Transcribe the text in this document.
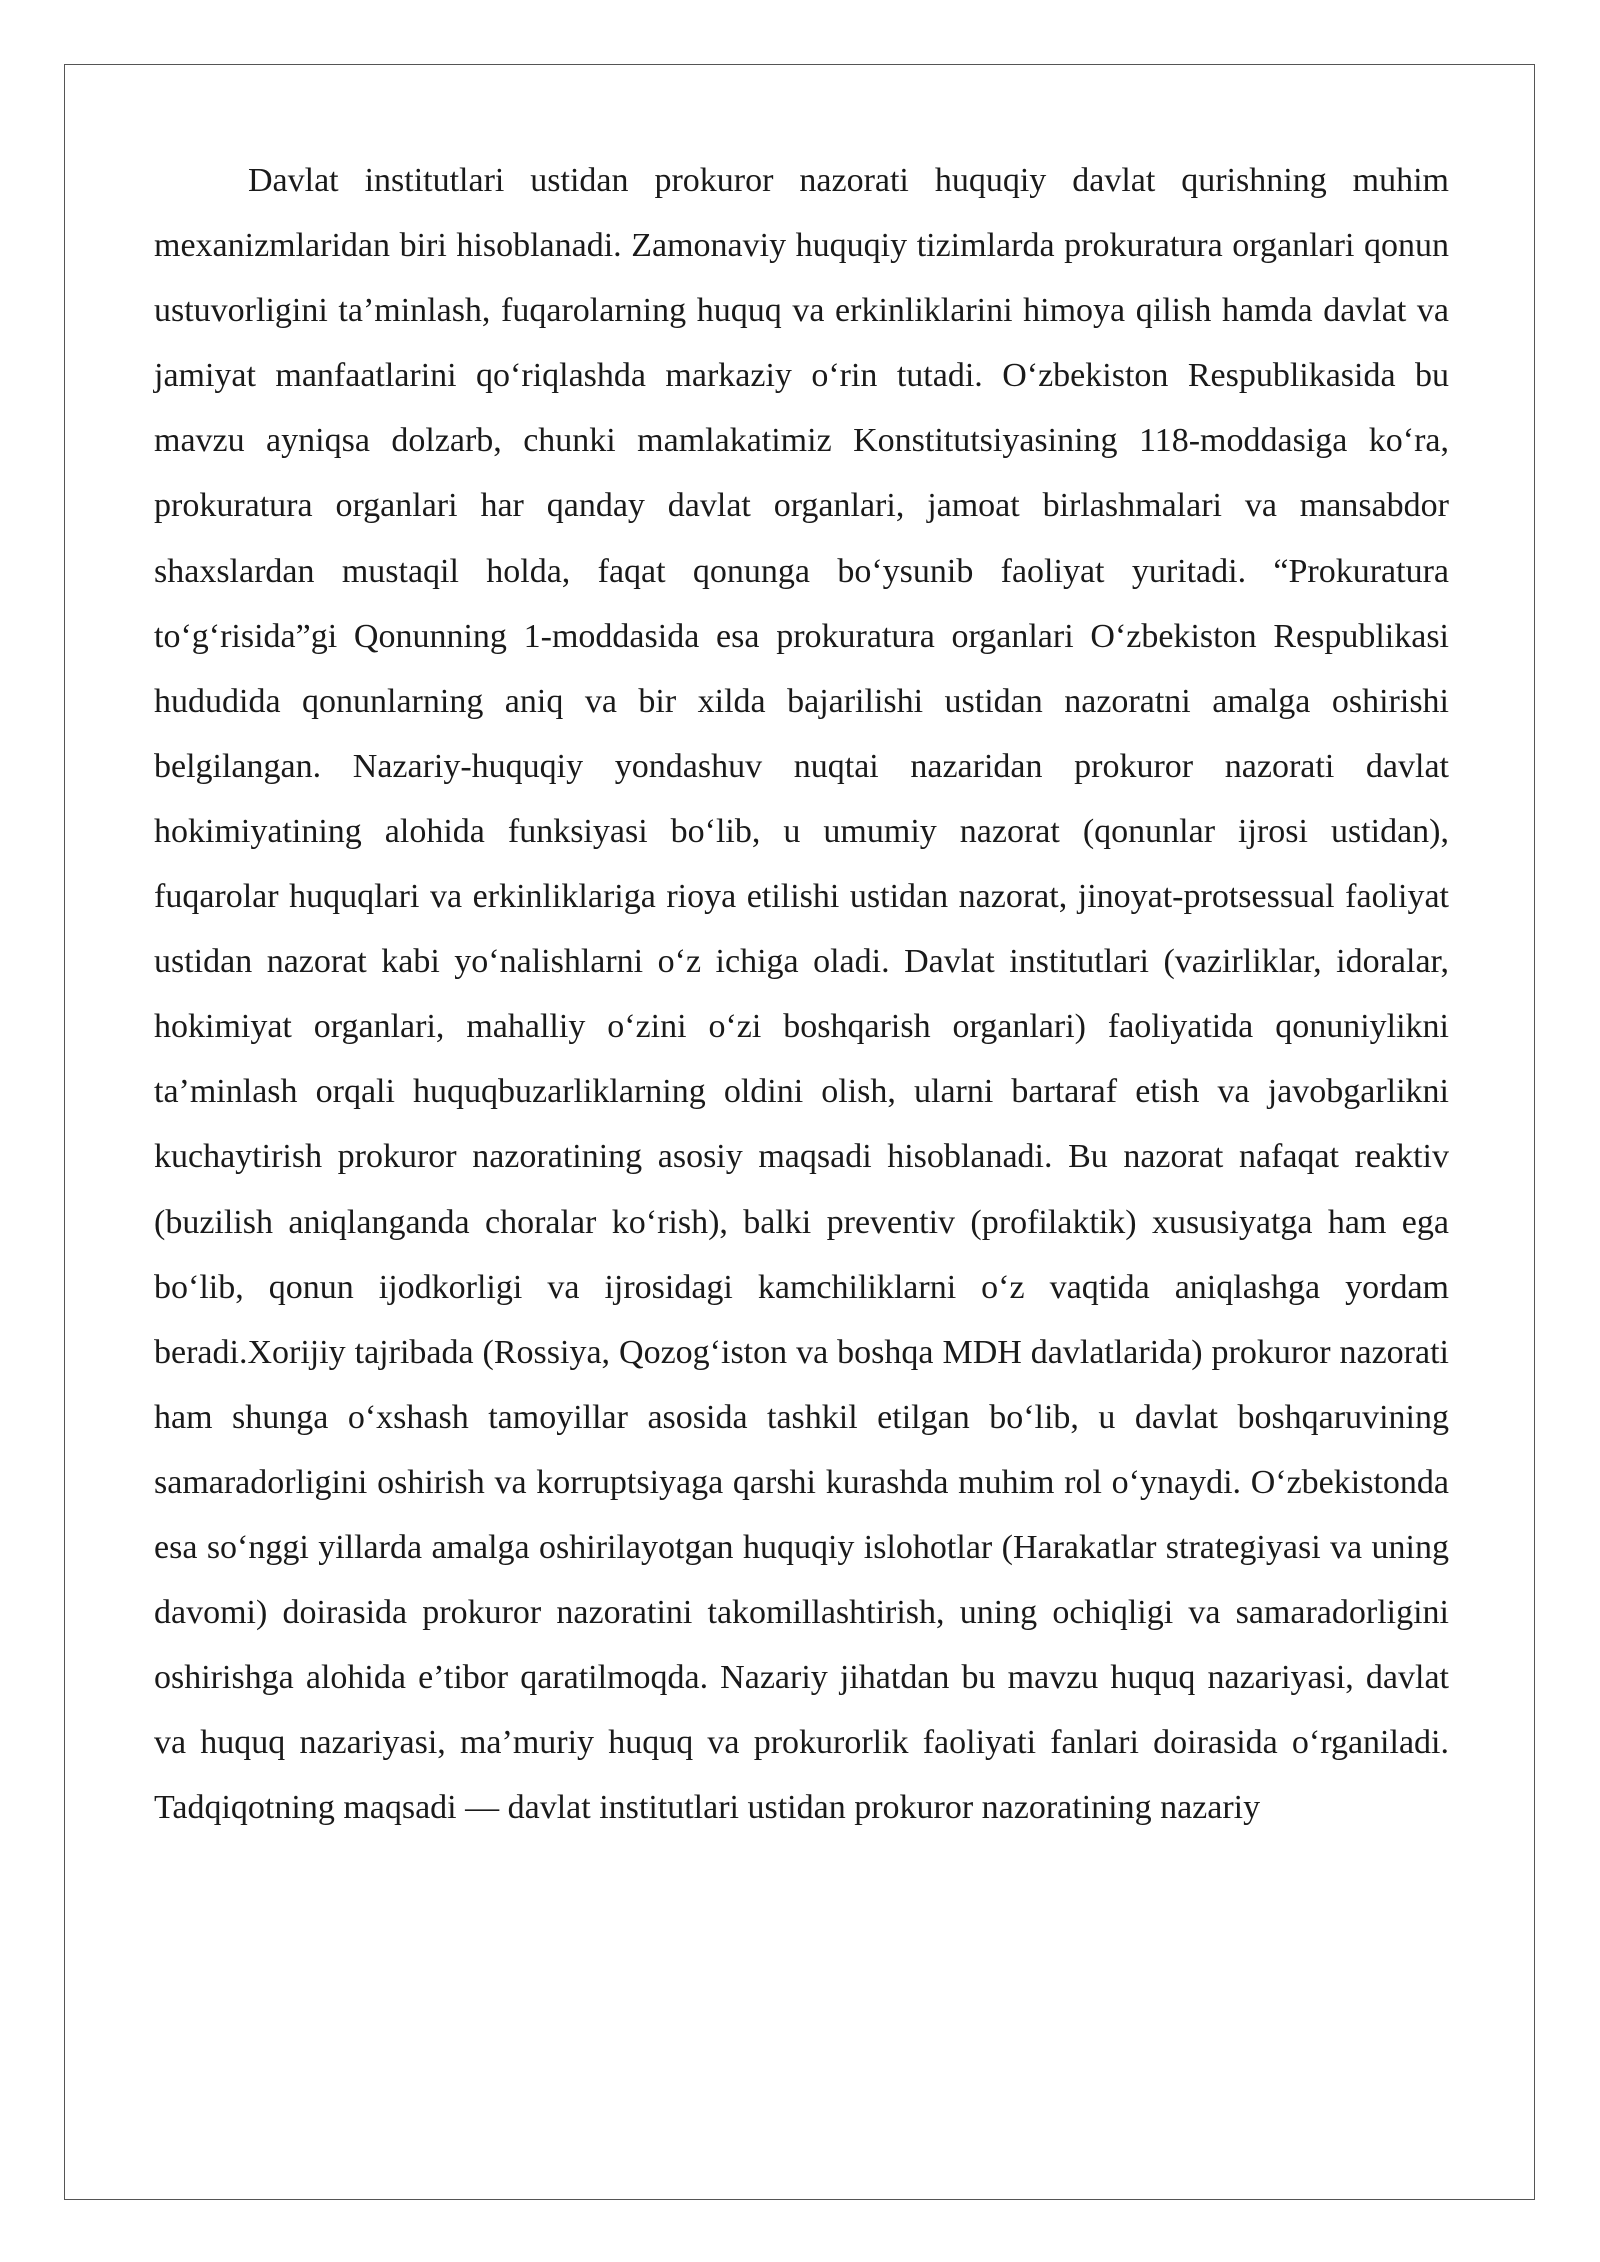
Davlat institutlari ustidan prokuror nazorati huquqiy davlat qurishning muhim mexanizmlaridan biri hisoblanadi. Zamonaviy huquqiy tizimlarda prokuratura organlari qonun ustuvorligini ta’minlash, fuqarolarning huquq va erkinliklarini himoya qilish hamda davlat va jamiyat manfaatlarini qo‘riqlashda markaziy o‘rin tutadi. O‘zbekiston Respublikasida bu mavzu ayniqsa dolzarb, chunki mamlakatimiz Konstitutsiyasining 118-moddasiga ko‘ra, prokuratura organlari har qanday davlat organlari, jamoat birlashmalari va mansabdor shaxslardan mustaqil holda, faqat qonunga bo‘ysunib faoliyat yuritadi. “Prokuratura to‘g‘risida”gi Qonunning 1-moddasida esa prokuratura organlari O‘zbekiston Respublikasi hududida qonunlarning aniq va bir xilda bajarilishi ustidan nazoratni amalga oshirishi belgilangan. Nazariy-huquqiy yondashuv nuqtai nazaridan prokuror nazorati davlat hokimiyatining alohida funksiyasi bo‘lib, u umumiy nazorat (qonunlar ijrosi ustidan), fuqarolar huquqlari va erkinliklariga rioya etilishi ustidan nazorat, jinoyat-protsessual faoliyat ustidan nazorat kabi yo‘nalishlarni o‘z ichiga oladi. Davlat institutlari (vazirliklar, idoralar, hokimiyat organlari, mahalliy o‘zini o‘zi boshqarish organlari) faoliyatida qonuniylikni ta’minlash orqali huquqbuzarliklarning oldini olish, ularni bartaraf etish va javobgarlikni kuchaytirish prokuror nazoratining asosiy maqsadi hisoblanadi. Bu nazorat nafaqat reaktiv (buzilish aniqlanganda choralar ko‘rish), balki preventiv (profilaktik) xususiyatga ham ega bo‘lib, qonun ijodkorligi va ijrosidagi kamchiliklarni o‘z vaqtida aniqlashga yordam beradi.Xorijiy tajribada (Rossiya, Qozog‘iston va boshqa MDH davlatlarida) prokuror nazorati ham shunga o‘xshash tamoyillar asosida tashkil etilgan bo‘lib, u davlat boshqaruvining samaradorligini oshirish va korruptsiyaga qarshi kurashda muhim rol o‘ynaydi. O‘zbekistonda esa so‘nggi yillarda amalga oshirilayotgan huquqiy islohotlar (Harakatlar strategiyasi va uning davomi) doirasida prokuror nazoratini takomillashtirish, uning ochiqligi va samaradorligini oshirishga alohida e’tibor qaratilmoqda. Nazariy jihatdan bu mavzu huquq nazariyasi, davlat va huquq nazariyasi, ma’muriy huquq va prokurorlik faoliyati fanlari doirasida o‘rganiladi. Tadqiqotning maqsadi — davlat institutlari ustidan prokuror nazoratining nazariy
